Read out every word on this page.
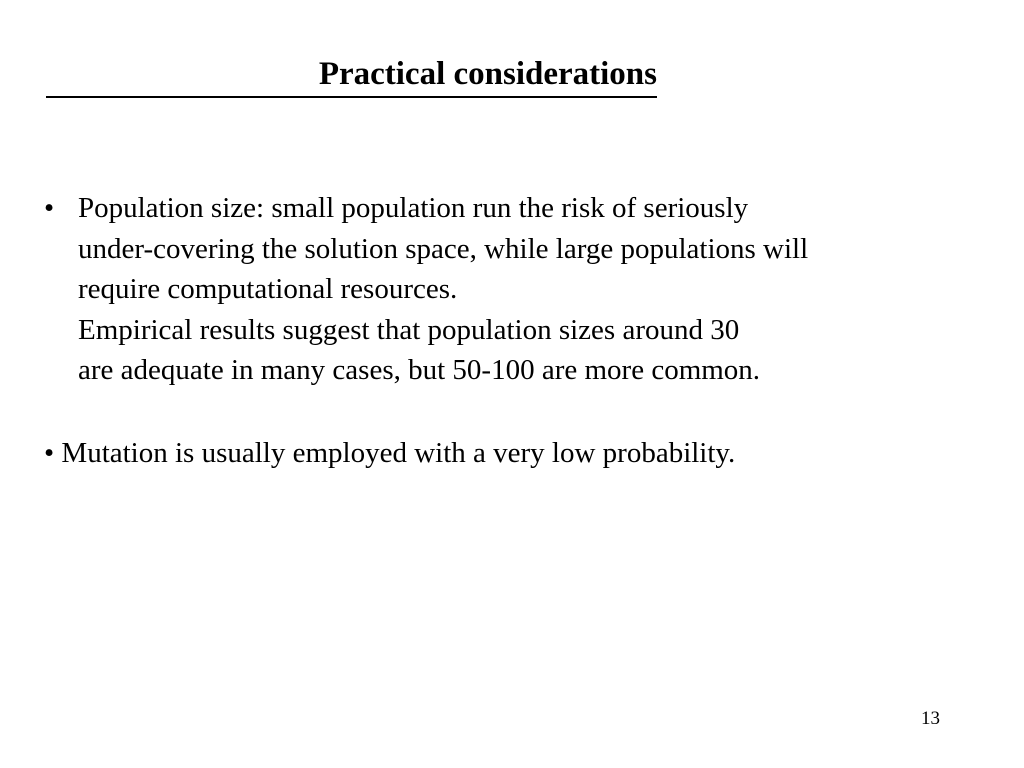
Practical considerations
• Population size: small population run the risk of seriously
under-covering the solution space, while large populations will
require computational resources.
Empirical results suggest that population sizes around 30
are adequate in many cases, but 50-100 are more common.
• Mutation is usually employed with a very low probability.
13
